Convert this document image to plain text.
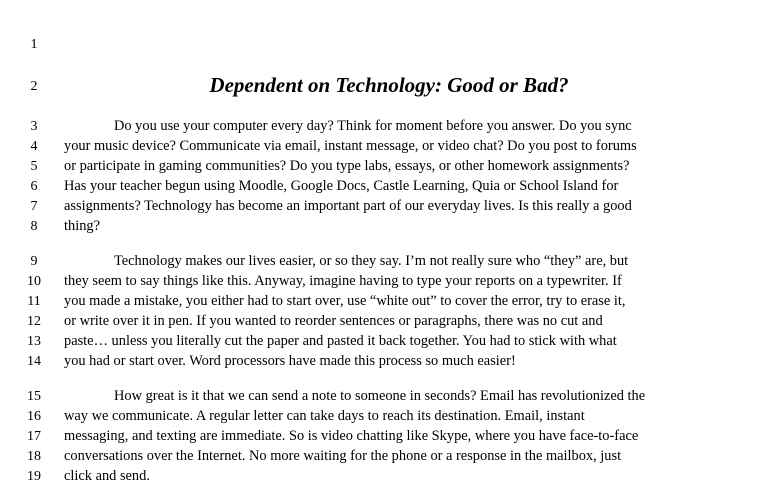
1
2
3
4
5
6
7
8
9
10
11
12
13
14
15
16
17
18
19
Dependent on Technology: Good or Bad?
Do you use your computer every day? Think for moment before you answer. Do you sync
your music device? Communicate via email, instant message, or video chat? Do you post to forums
or participate in gaming communities? Do you type labs, essays, or other homework assignments?
Has your teacher begun using Moodle, Google Docs, Castle Learning, Quia or School Island for
assignments? Technology has become an important part of our everyday lives. Is this really a good
thing?
Technology makes our lives easier, or so they say. I’m not really sure who “they” are, but
they seem to say things like this. Anyway, imagine having to type your reports on a typewriter. If
you made a mistake, you either had to start over, use “white out” to cover the error, try to erase it,
or write over it in pen. If you wanted to reorder sentences or paragraphs, there was no cut and
paste… unless you literally cut the paper and pasted it back together. You had to stick with what
you had or start over. Word processors have made this process so much easier!
How great is it that we can send a note to someone in seconds? Email has revolutionized the
way we communicate. A regular letter can take days to reach its destination. Email, instant
messaging, and texting are immediate. So is video chatting like Skype, where you have face-to-face
conversations over the Internet. No more waiting for the phone or a response in the mailbox, just
click and send.
